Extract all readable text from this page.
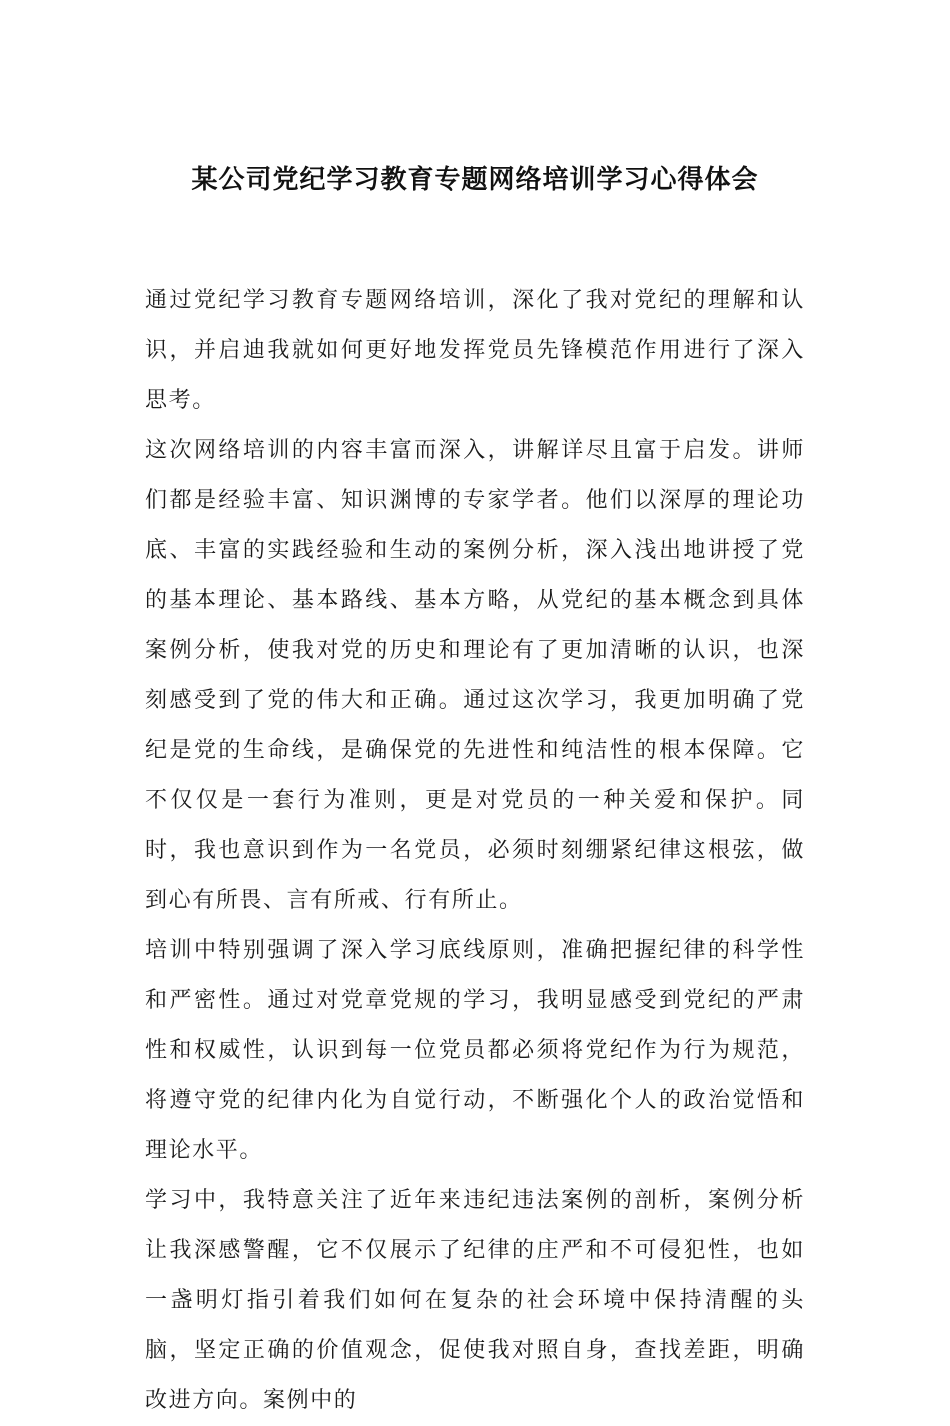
某公司党纪学习教育专题网络培训学习心得体会

通过党纪学习教育专题网络培训，深化了我对党纪的理解和认识，并启迪我就如何更好地发挥党员先锋模范作用进行了深入思考。

这次网络培训的内容丰富而深入，讲解详尽且富于启发。讲师们都是经验丰富、知识渊博的专家学者。他们以深厚的理论功底、丰富的实践经验和生动的案例分析，深入浅出地讲授了党的基本理论、基本路线、基本方略，从党纪的基本概念到具体案例分析，使我对党的历史和理论有了更加清晰的认识，也深刻感受到了党的伟大和正确。通过这次学习，我更加明确了党纪是党的生命线，是确保党的先进性和纯洁性的根本保障。它不仅仅是一套行为准则，更是对党员的一种关爱和保护。同时，我也意识到作为一名党员，必须时刻绷紧纪律这根弦，做到心有所畏、言有所戒、行有所止。

培训中特别强调了深入学习底线原则，准确把握纪律的科学性和严密性。通过对党章党规的学习，我明显感受到党纪的严肃性和权威性，认识到每一位党员都必须将党纪作为行为规范，将遵守党的纪律内化为自觉行动，不断强化个人的政治觉悟和理论水平。

学习中，我特意关注了近年来违纪违法案例的剖析，案例分析让我深感警醒，它不仅展示了纪律的庄严和不可侵犯性，也如一盏明灯指引着我们如何在复杂的社会环境中保持清醒的头脑，坚定正确的价值观念，促使我对照自身，查找差距，明确改进方向。案例中的
